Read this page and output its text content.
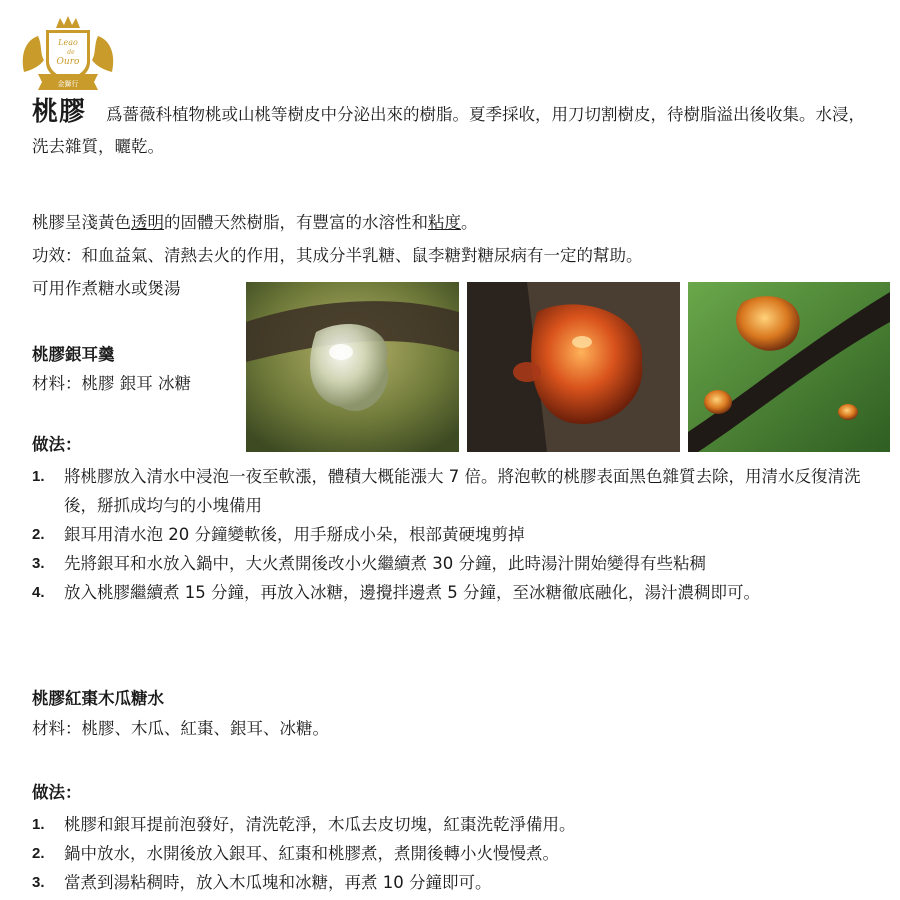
Leao
de
Ouro
金獅行
桃膠 爲薔薇科植物桃或山桃等樹皮中分泌出來的樹脂。夏季採收，用刀切割樹皮，待樹脂溢出後收集。水浸，洗去雜質，曬乾。
桃膠呈淺黃色透明的固體天然樹脂，有豐富的水溶性和粘度。
功效：和血益氣、清熱去火的作用，其成分半乳糖、鼠李糖對糖尿病有一定的幫助。
可用作煮糖水或煲湯
桃膠銀耳羹
材料：桃膠 銀耳 冰糖
做法：
1. 將桃膠放入清水中浸泡一夜至軟漲，體積大概能漲大 7 倍。將泡軟的桃膠表面黑色雜質去除，用清水反復清洗後，掰抓成均勻的小塊備用
2. 銀耳用清水泡 20 分鐘變軟後，用手掰成小朵，根部黃硬塊剪掉
3. 先將銀耳和水放入鍋中，大火煮開後改小火繼續煮 30 分鐘，此時湯汁開始變得有些粘稠
4. 放入桃膠繼續煮 15 分鐘，再放入冰糖，邊攪拌邊煮 5 分鐘，至冰糖徹底融化，湯汁濃稠即可。
桃膠紅棗木瓜糖水
材料：桃膠、木瓜、紅棗、銀耳、冰糖。
做法：
1. 桃膠和銀耳提前泡發好，清洗乾淨，木瓜去皮切塊，紅棗洗乾淨備用。
2. 鍋中放水，水開後放入銀耳、紅棗和桃膠煮，煮開後轉小火慢慢煮。
3. 當煮到湯粘稠時，放入木瓜塊和冰糖，再煮 10 分鐘即可。
